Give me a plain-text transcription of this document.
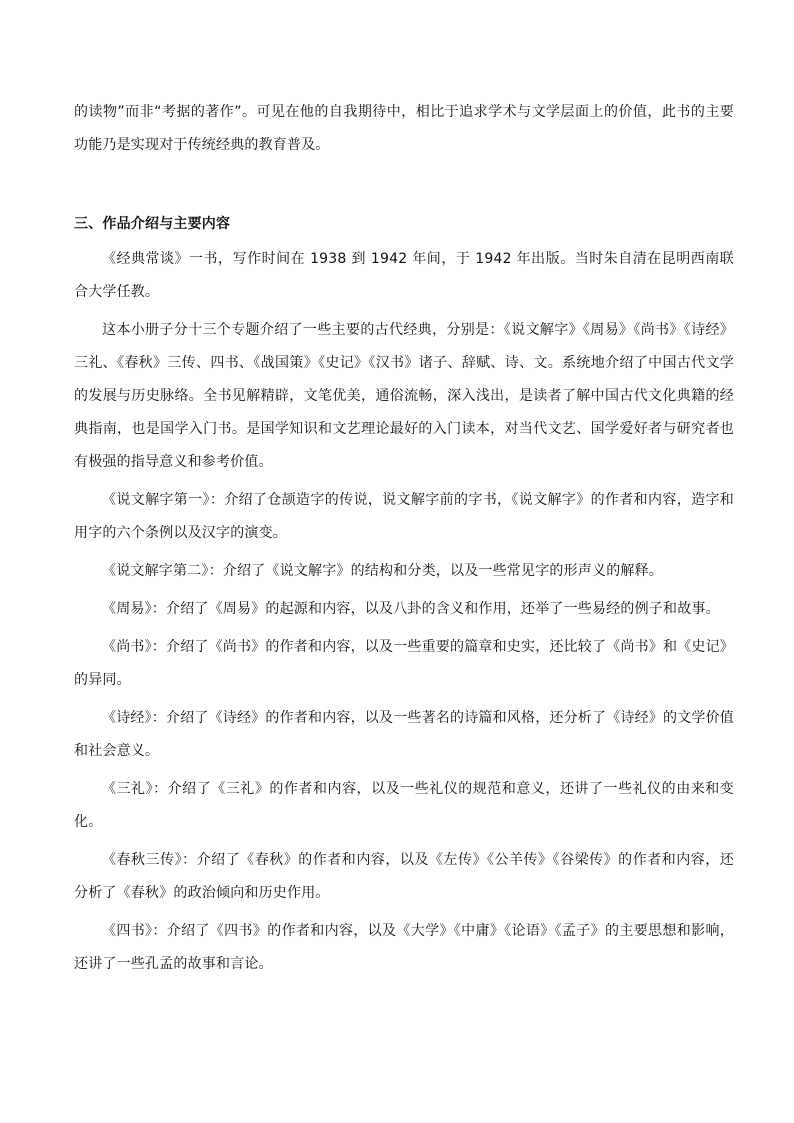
的读物”而非“考据的著作”。可见在他的自我期待中，相比于追求学术与文学层面上的价值，此书的主要功能乃是实现对于传统经典的教育普及。

三、作品介绍与主要内容

《经典常谈》一书，写作时间在 1938 到 1942 年间，于 1942 年出版。当时朱自清在昆明西南联合大学任教。

这本小册子分十三个专题介绍了一些主要的古代经典，分别是：《说文解字》《周易》《尚书》《诗经》三礼、《春秋》三传、四书、《战国策》《史记》《汉书》诸子、辞赋、诗、文。系统地介绍了中国古代文学的发展与历史脉络。全书见解精辟，文笔优美，通俗流畅，深入浅出，是读者了解中国古代文化典籍的经典指南，也是国学入门书。是国学知识和文艺理论最好的入门读本，对当代文艺、国学爱好者与研究者也有极强的指导意义和参考价值。

《说文解字第一》：介绍了仓颉造字的传说，说文解字前的字书，《说文解字》的作者和内容，造字和用字的六个条例以及汉字的演变。

《说文解字第二》：介绍了《说文解字》的结构和分类，以及一些常见字的形声义的解释。

《周易》：介绍了《周易》的起源和内容，以及八卦的含义和作用，还举了一些易经的例子和故事。

《尚书》：介绍了《尚书》的作者和内容，以及一些重要的篇章和史实，还比较了《尚书》和《史记》的异同。

《诗经》：介绍了《诗经》的作者和内容，以及一些著名的诗篇和风格，还分析了《诗经》的文学价值和社会意义。

《三礼》：介绍了《三礼》的作者和内容，以及一些礼仪的规范和意义，还讲了一些礼仪的由来和变化。

《春秋三传》：介绍了《春秋》的作者和内容，以及《左传》《公羊传》《谷梁传》的作者和内容，还分析了《春秋》的政治倾向和历史作用。

《四书》：介绍了《四书》的作者和内容，以及《大学》《中庸》《论语》《孟子》的主要思想和影响，还讲了一些孔孟的故事和言论。
